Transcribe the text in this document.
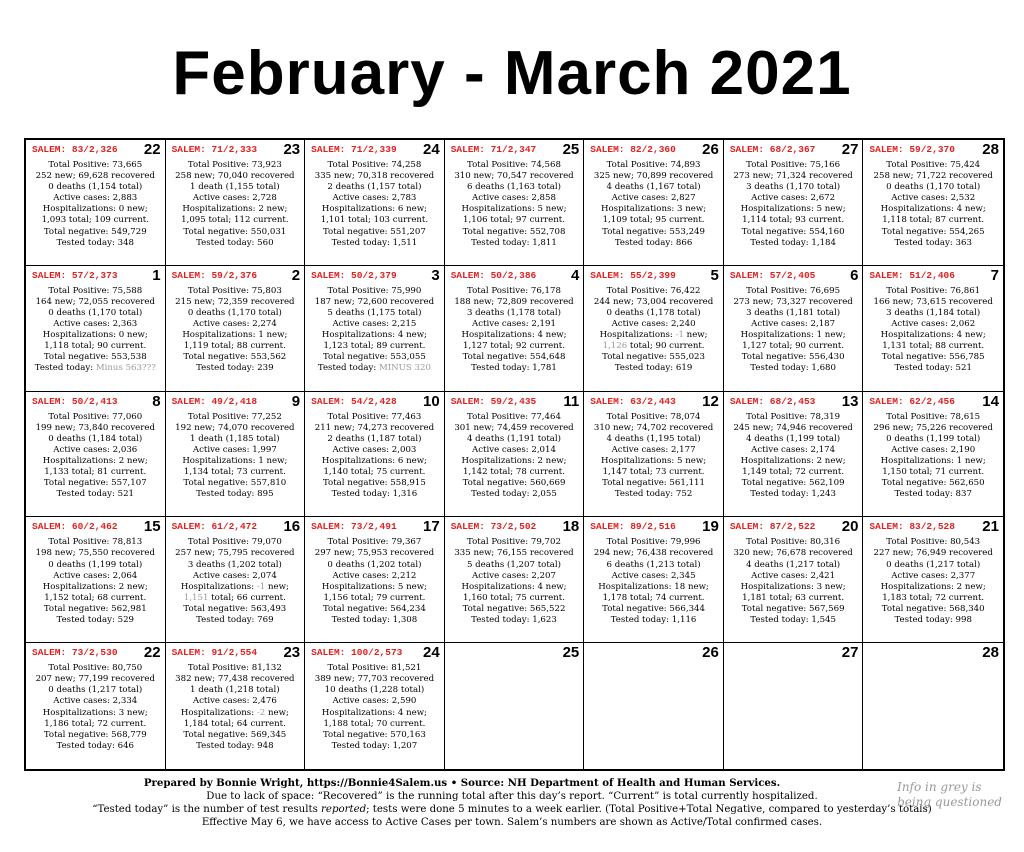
February - March 2021
SALEM: 83/2,326 22
Total Positive: 73,665
252 new; 69,628 recovered
0 deaths (1,154 total)
Active cases: 2,883
Hospitalizations: 0 new;
1,093 total; 109 current.
Total negative: 549,729
Tested today: 348
SALEM: 71/2,333 23
Total Positive: 73,923
258 new; 70,040 recovered
1 death (1,155 total)
Active cases: 2,728
Hospitalizations: 2 new;
1,095 total; 112 current.
Total negative: 550,031
Tested today: 560
SALEM: 71/2,339 24
Total Positive: 74,258
335 new; 70,318 recovered
2 deaths (1,157 total)
Active cases: 2,783
Hospitalizations: 6 new;
1,101 total; 103 current.
Total negative: 551,207
Tested today: 1,511
SALEM: 71/2,347 25
Total Positive: 74,568
310 new; 70,547 recovered
6 deaths (1,163 total)
Active cases: 2,858
Hospitalizations: 5 new;
1,106 total; 97 current.
Total negative: 552,708
Tested today: 1,811
SALEM: 82/2,360 26
Total Positive: 74,893
325 new; 70,899 recovered
4 deaths (1,167 total)
Active cases: 2,827
Hospitalizations: 3 new;
1,109 total; 95 current.
Total negative: 553,249
Tested today: 866
SALEM: 68/2,367 27
Total Positive: 75,166
273 new; 71,324 recovered
3 deaths (1,170 total)
Active cases: 2,672
Hospitalizations: 5 new;
1,114 total; 93 current.
Total negative: 554,160
Tested today: 1,184
SALEM: 59/2,370 28
Total Positive: 75,424
258 new; 71,722 recovered
0 deaths (1,170 total)
Active cases: 2,532
Hospitalizations: 4 new;
1,118 total; 87 current.
Total negative: 554,265
Tested today: 363
SALEM: 57/2,373 1
Total Positive: 75,588
164 new; 72,055 recovered
0 deaths (1,170 total)
Active cases: 2,363
Hospitalizations: 0 new;
1,118 total; 90 current.
Total negative: 553,538
Tested today: Minus 563???
SALEM: 59/2,376 2
Total Positive: 75,803
215 new; 72,359 recovered
0 deaths (1,170 total)
Active cases: 2,274
Hospitalizations: 1 new;
1,119 total; 88 current.
Total negative: 553,562
Tested today: 239
SALEM: 50/2,379 3
Total Positive: 75,990
187 new; 72,600 recovered
5 deaths (1,175 total)
Active cases: 2,215
Hospitalizations: 4 new;
1,123 total; 89 current.
Total negative: 553,055
Tested today: MINUS 320
SALEM: 50/2,386 4
Total Positive: 76,178
188 new; 72,809 recovered
3 deaths (1,178 total)
Active cases: 2,191
Hospitalizations: 4 new;
1,127 total; 92 current.
Total negative: 554,648
Tested today: 1,781
SALEM: 55/2,399 5
Total Positive: 76,422
244 new; 73,004 recovered
0 deaths (1,178 total)
Active cases: 2,240
Hospitalizations: -1 new;
1,126 total; 90 current.
Total negative: 555,023
Tested today: 619
SALEM: 57/2,405 6
Total Positive: 76,695
273 new; 73,327 recovered
3 deaths (1,181 total)
Active cases: 2,187
Hospitalizations: 1 new;
1,127 total; 90 current.
Total negative: 556,430
Tested today: 1,680
SALEM: 51/2,406 7
Total Positive: 76,861
166 new; 73,615 recovered
3 deaths (1,184 total)
Active cases: 2,062
Hospitalizations: 4 new;
1,131 total; 88 current.
Total negative: 556,785
Tested today: 521
SALEM: 50/2,413 8
Total Positive: 77,060
199 new; 73,840 recovered
0 deaths (1,184 total)
Active cases: 2,036
Hospitalizations: 2 new;
1,133 total; 81 current.
Total negative: 557,107
Tested today: 521
SALEM: 49/2,418 9
Total Positive: 77,252
192 new; 74,070 recovered
1 death (1,185 total)
Active cases: 1,997
Hospitalizations: 1 new;
1,134 total; 73 current.
Total negative: 557,810
Tested today: 895
SALEM: 54/2,428 10
Total Positive: 77,463
211 new; 74,273 recovered
2 deaths (1,187 total)
Active cases: 2,003
Hospitalizations: 6 new;
1,140 total; 75 current.
Total negative: 558,915
Tested today: 1,316
SALEM: 59/2,435 11
Total Positive: 77,464
301 new; 74,459 recovered
4 deaths (1,191 total)
Active cases: 2,014
Hospitalizations: 2 new;
1,142 total; 78 current.
Total negative: 560,669
Tested today: 2,055
SALEM: 63/2,443 12
Total Positive: 78,074
310 new; 74,702 recovered
4 deaths (1,195 total)
Active cases: 2,177
Hospitalizations: 5 new;
1,147 total; 73 current.
Total negative: 561,111
Tested today: 752
SALEM: 68/2,453 13
Total Positive: 78,319
245 new; 74,946 recovered
4 deaths (1,199 total)
Active cases: 2,174
Hospitalizations: 2 new;
1,149 total; 72 current.
Total negative: 562,109
Tested today: 1,243
SALEM: 62/2,456 14
Total Positive: 78,615
296 new; 75,226 recovered
0 deaths (1,199 total)
Active cases: 2,190
Hospitalizations: 1 new;
1,150 total; 71 current.
Total negative: 562,650
Tested today: 837
SALEM: 60/2,462 15
Total Positive: 78,813
198 new; 75,550 recovered
0 deaths (1,199 total)
Active cases: 2,064
Hospitalizations: 2 new;
1,152 total; 68 current.
Total negative: 562,981
Tested today: 529
SALEM: 61/2,472 16
Total Positive: 79,070
257 new; 75,795 recovered
3 deaths (1,202 total)
Active cases: 2,074
Hospitalizations: -1 new;
1,151 total; 66 current.
Total negative: 563,493
Tested today: 769
SALEM: 73/2,491 17
Total Positive: 79,367
297 new; 75,953 recovered
0 deaths (1,202 total)
Active cases: 2,212
Hospitalizations: 5 new;
1,156 total; 79 current.
Total negative: 564,234
Tested today: 1,308
SALEM: 73/2,502 18
Total Positive: 79,702
335 new; 76,155 recovered
5 deaths (1,207 total)
Active cases: 2,207
Hospitalizations: 4 new;
1,160 total; 75 current.
Total negative: 565,522
Tested today: 1,623
SALEM: 89/2,516 19
Total Positive: 79,996
294 new; 76,438 recovered
6 deaths (1,213 total)
Active cases: 2,345
Hospitalizations: 18 new;
1,178 total; 74 current.
Total negative: 566,344
Tested today: 1,116
SALEM: 87/2,522 20
Total Positive: 80,316
320 new; 76,678 recovered
4 deaths (1,217 total)
Active cases: 2,421
Hospitalizations: 3 new;
1,181 total; 63 current.
Total negative: 567,569
Tested today: 1,545
SALEM: 83/2,528 21
Total Positive: 80,543
227 new; 76,949 recovered
0 deaths (1,217 total)
Active cases: 2,377
Hospitalizations: 2 new;
1,183 total; 72 current.
Total negative: 568,340
Tested today: 998
SALEM: 73/2,530 22
Total Positive: 80,750
207 new; 77,199 recovered
0 deaths (1,217 total)
Active cases: 2,334
Hospitalizations: 3 new;
1,186 total; 72 current.
Total negative: 568,779
Tested today: 646
SALEM: 91/2,554 23
Total Positive: 81,132
382 new; 77,438 recovered
1 death (1,218 total)
Active cases: 2,476
Hospitalizations: -2 new;
1,184 total; 64 current.
Total negative: 569,345
Tested today: 948
SALEM: 100/2,573 24
Total Positive: 81,521
389 new; 77,703 recovered
10 deaths (1,228 total)
Active cases: 2,590
Hospitalizations: 4 new;
1,188 total; 70 current.
Total negative: 570,163
Tested today: 1,207
25	26	27	28
Prepared by Bonnie Wright, https://Bonnie4Salem.us • Source: NH Department of Health and Human Services.
Due to lack of space: “Recovered” is the running total after this day’s report. “Current” is total currently hospitalized.
“Tested today” is the number of test results reported; tests were done 5 minutes to a week earlier. (Total Positive+Total Negative, compared to yesterday’s totals)
Effective May 6, we have access to Active Cases per town. Salem’s numbers are shown as Active/Total confirmed cases.
Info in grey is
being questioned
